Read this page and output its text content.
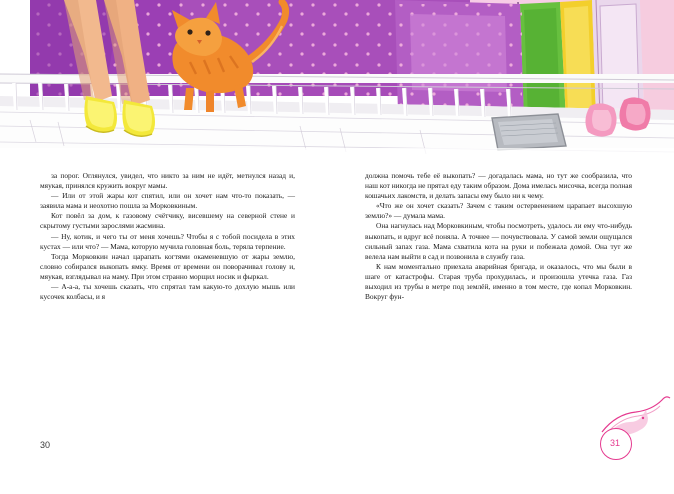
за порог. Оглянулся, увидел, что никто за ним не идёт, метнулся назад и, мяукая, принялся кружить вокруг мамы.

— Или от этой жары кот спятил, или он хочет нам что-то показать, — заявила мама и неохотно пошла за Морковкиным.

Кот повёл за дом, к газовому счётчику, висевшему на северной стене и скрытому густыми зарослями жасмина.

— Ну, котик, и чего ты от меня хочешь? Чтобы я с тобой посидела в этих кустах — или что? — Мама, которую мучила головная боль, теряла терпение.

Тогда Морковкин начал царапать когтями окаменевшую от жары землю, словно собирался выкопать ямку. Время от времени он поворачивал голову и, мяукая, взглядывал на маму. При этом странно морщил носик и фыркал.

— А-а-а, ты хочешь сказать, что спрятал там какую-то дохлую мышь или кусочек колбасы, и я

должна помочь тебе её выкопать? — догадалась мама, но тут же сообразила, что наш кот никогда не прятал еду таким образом. Дома имелась мисочка, всегда полная кошачьих лакомств, и делать запасы ему было ни к чему.

«Что же он хочет сказать? Зачем с таким остервенением царапает высохшую землю?» — думала мама.

Она нагнулась над Морковкиным, чтобы посмотреть, удалось ли ему что-нибудь выкопать, и вдруг всё поняла. А точнее — почувствовала. У самой земли ощущался сильный запах газа. Мама схватила кота на руки и побежала домой. Она тут же велела нам выйти в сад и позвонила в службу газа.

К нам моментально приехала аварийная бригада, и оказалось, что мы были в шаге от катастрофы. Старая труба прохудилась, и произошла утечка газа. Газ выходил из трубы в метре под землёй, именно в том месте, где копал Морковкин. Вокруг фун-

30	31
